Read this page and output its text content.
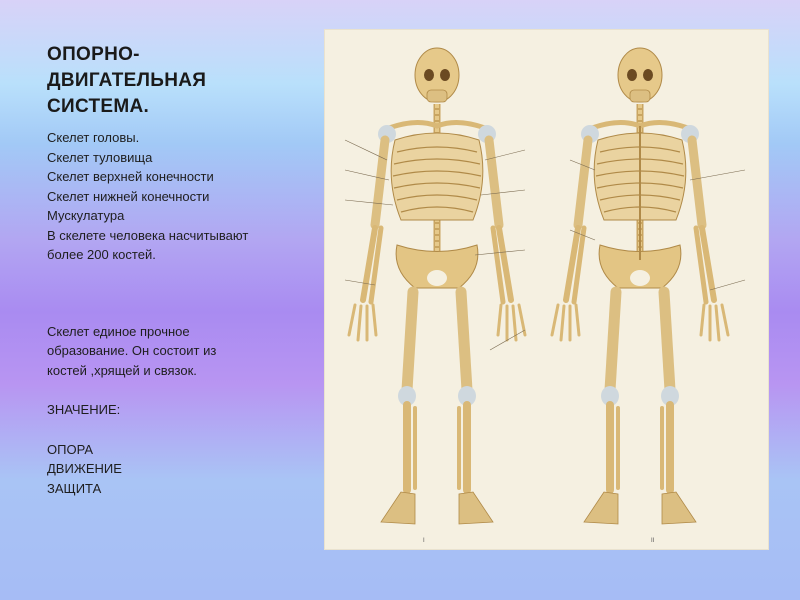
ОПОРНО-
ДВИГАТЕЛЬНАЯ
СИСТЕМА.
Скелет головы.
Скелет туловища
Скелет верхней конечности
Скелет нижней конечности
Мускулатура
В скелете человека насчитывают
более 200 костей.
Скелет единое прочное
образование. Он состоит из
костей ,хрящей и связок.
ЗНАЧЕНИЕ:
ОПОРА
ДВИЖЕНИЕ
ЗАЩИТА
I	II
